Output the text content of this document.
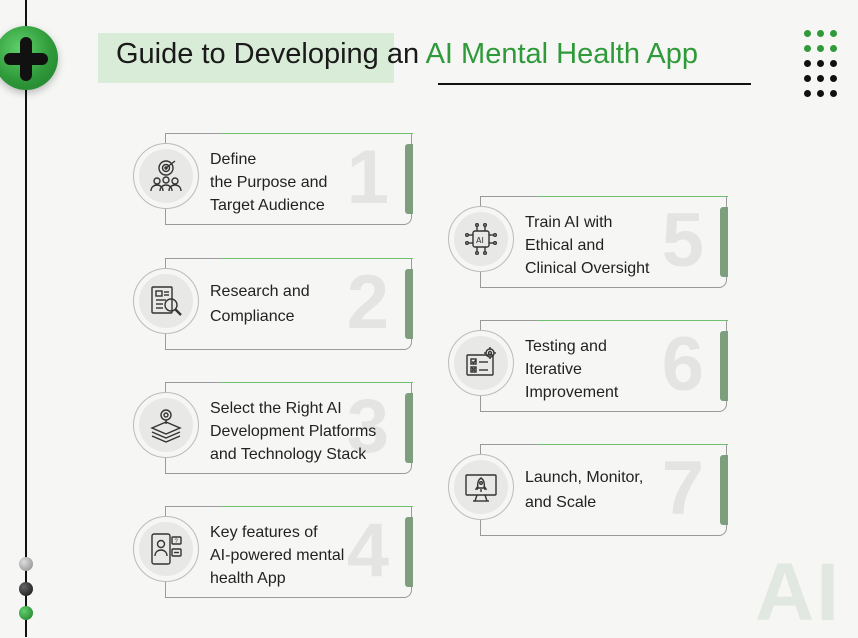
Guide to Developing an AI Mental Health App
1
Define
the Purpose and
Target Audience
2
Research and
Compliance
3
Select the Right AI
Development Platforms
and Technology Stack
4
Key features of
AI-powered mental
health App
?
5
Train AI with
Ethical and
Clinical Oversight
AI
6
Testing and
Iterative
Improvement
7
Launch, Monitor,
and Scale
AI
